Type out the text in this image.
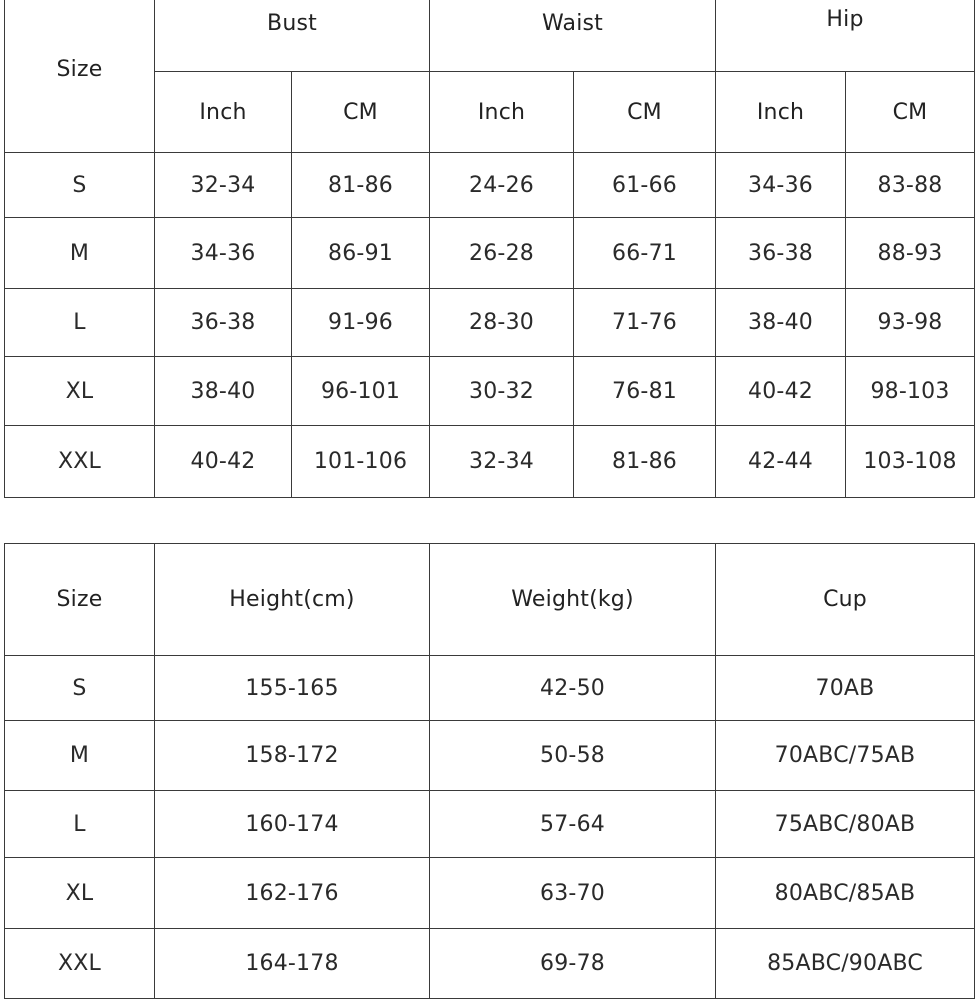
Size	Bust		Waist		Hip	
	Inch	CM	Inch	CM	Inch	CM
S	32-34	81-86	24-26	61-66	34-36	83-88
M	34-36	86-91	26-28	66-71	36-38	88-93
L	36-38	91-96	28-30	71-76	38-40	93-98
XL	38-40	96-101	30-32	76-81	40-42	98-103
XXL	40-42	101-106	32-34	81-86	42-44	103-108
Size	Height(cm)	Weight(kg)	Cup
S	155-165	42-50	70AB
M	158-172	50-58	70ABC/75AB
L	160-174	57-64	75ABC/80AB
XL	162-176	63-70	80ABC/85AB
XXL	164-178	69-78	85ABC/90ABC
